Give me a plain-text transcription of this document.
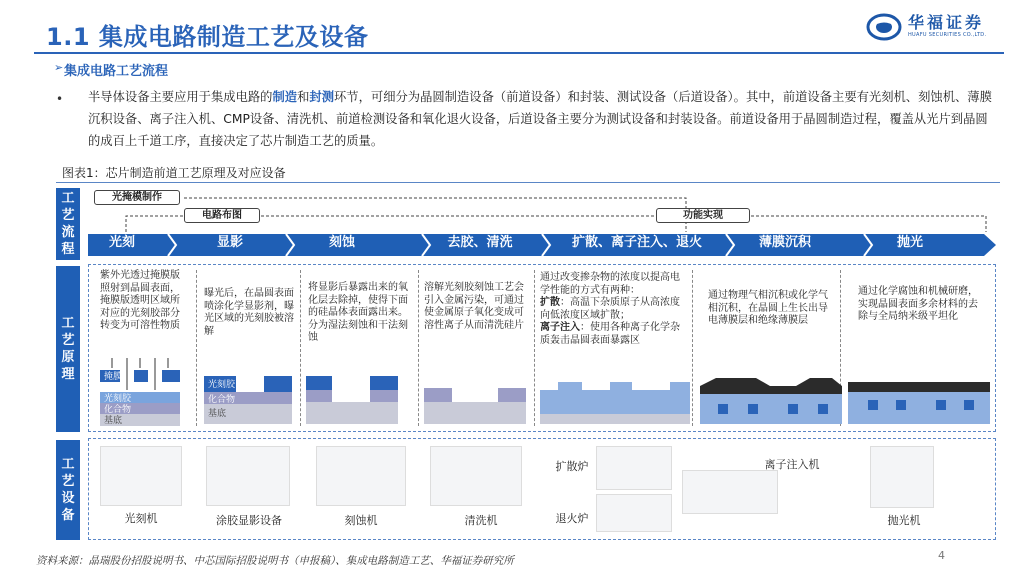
1.1 集成电路制造工艺及设备
华福证券
HUAFU SECURITIES CO.,LTD.
➢ 集成电路工艺流程
• 半导体设备主要应用于集成电路的制造和封测环节，可细分为晶圆制造设备（前道设备）和封装、测试设备（后道设备）。其中，前道设备主要有光刻机、刻蚀机、薄膜沉积设备、离子注入机、CMP设备、清洗机、前道检测设备和氧化退火设备，后道设备主要分为测试设备和封装设备。前道设备用于晶圆制造过程，覆盖从光片到晶圆的成百上千道工序，直接决定了芯片制造工艺的质量。
图表1：芯片制造前道工艺原理及对应设备
工
艺
流
程
工
艺
原
理
工
艺
设
备
光掩模制作
电路布图	功能实现
光刻	显影	刻蚀	去胶、清洗	扩散、离子注入、退火	薄膜沉积	抛光
紫外光透过掩膜版照射到晶圆表面，掩膜版透明区域所对应的光刻胶部分转变为可溶性物质
曝光后，在晶圆表面喷涂化学显影剂，曝光区域的光刻胶被溶解
将显影后暴露出来的氧化层去除掉，使得下面的硅晶体表面露出来。分为湿法刻蚀和干法刻蚀
溶解光刻胶刻蚀工艺会引入金属污染，可通过使金属原子氧化变成可溶性离子从而清洗硅片
通过改变掺杂物的浓度以提高电学性能的方式有两种：
扩散：高温下杂质原子从高浓度向低浓度区域扩散；
离子注入：使用各种离子化学杂质轰击晶圆表面暴露区
通过物理气相沉积或化学气相沉积，在晶圆上生长出导电薄膜层和绝缘薄膜层
通过化学腐蚀和机械研磨，实现晶圆表面多余材料的去除与全局纳米级平坦化
掩膜
光刻胶
化合物
基底
光刻胶
化合物
基底
光刻机	涂胶显影设备	刻蚀机	清洗机
扩散炉
退火炉
离子注入机
抛光机
资料来源：晶瑞股份招股说明书、中芯国际招股说明书（申报稿）、集成电路制造工艺、华福证券研究所	4
